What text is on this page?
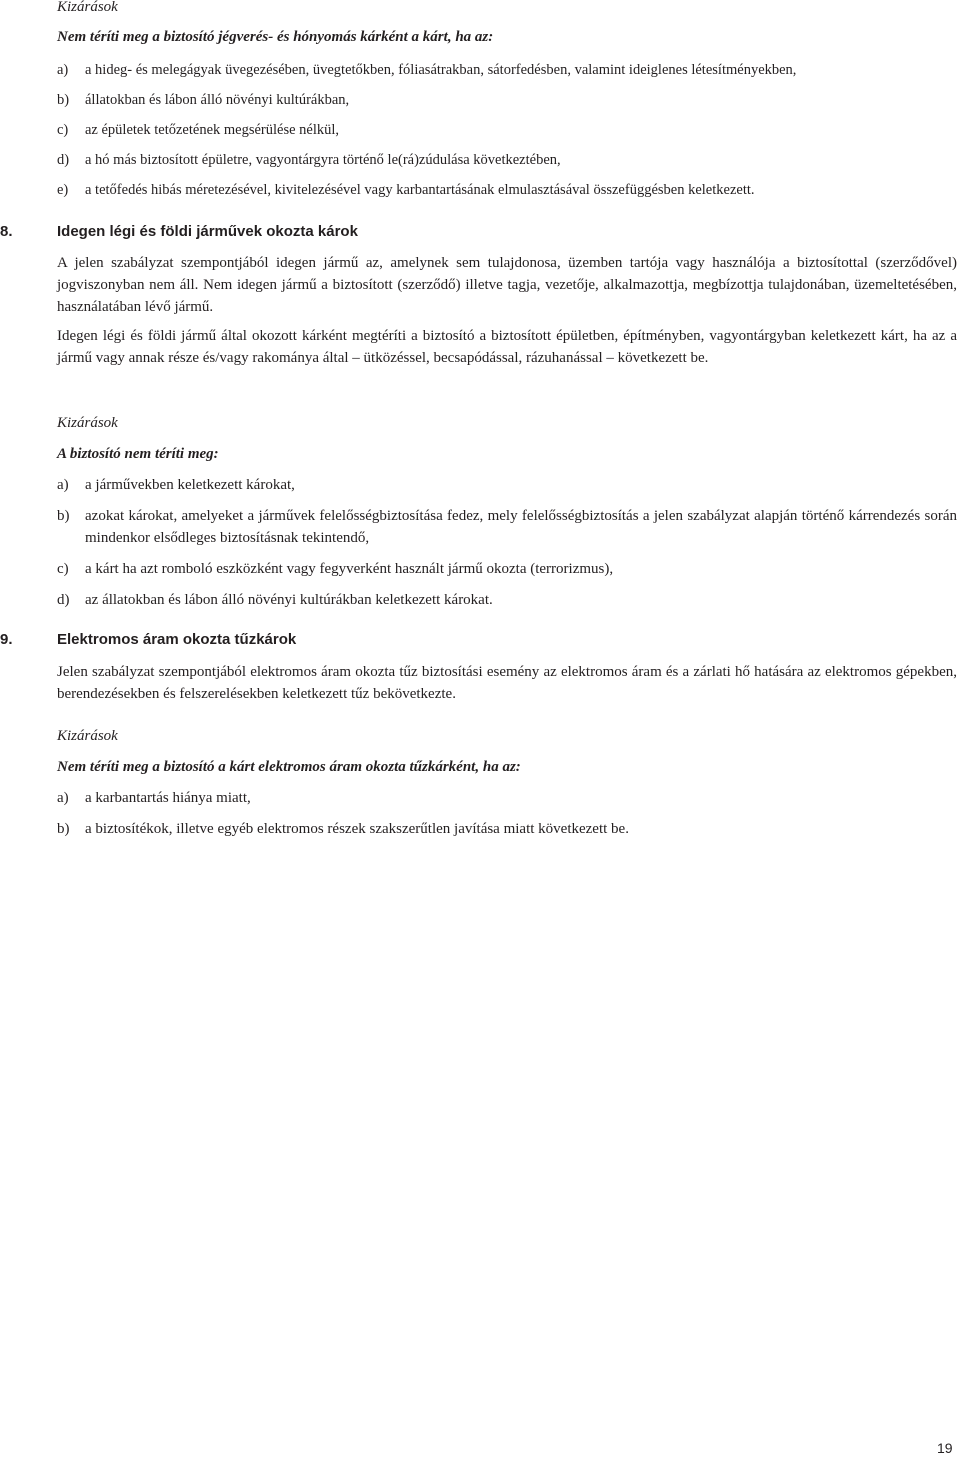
Kizárások
Nem téríti meg a biztosító jégverés- és hónyomás kárként a kárt, ha az:
a) a hideg- és melegágyak üvegezésében, üvegtetőkben, fóliasátrakban, sátorfedésben, valamint ideiglenes létesítményekben,
b) állatokban és lábon álló növényi kultúrákban,
c) az épületek tetőzetének megsérülése nélkül,
d) a hó más biztosított épületre, vagyontárgyra történő le(rá)zúdulása következtében,
e) a tetőfedés hibás méretezésével, kivitelezésével vagy karbantartásának elmulasztásával összefüggésben keletkezett.
8.	Idegen légi és földi járművek okozta károk

A jelen szabályzat szempontjából idegen jármű az, amelynek sem tulajdonosa, üzemben tartója vagy használója a biztosítottal (szerződővel) jogviszonyban nem áll. Nem idegen jármű a biztosított (szerződő) illetve tagja, vezetője, alkalmazottja, megbízottja tulajdonában, üzemeltetésében, használatában lévő jármű.

Idegen légi és földi jármű által okozott kárként megtéríti a biztosító a biztosított épületben, építményben, vagyontárgyban keletkezett kárt, ha az a jármű vagy annak része és/vagy rakománya által – ütközéssel, becsapódással, rázuhanással – következett be.

Kizárások
A biztosító nem téríti meg:
a) a járművekben keletkezett károkat,
b) azokat károkat, amelyeket a járművek felelősségbiztosítása fedez, mely felelősségbiztosítás a jelen szabályzat alapján történő kárrendezés során mindenkor elsődleges biztosításnak tekintendő,
c) a kárt ha azt romboló eszközként vagy fegyverként használt jármű okozta (terrorizmus),
d) az állatokban és lábon álló növényi kultúrákban keletkezett károkat.
9.	Elektromos áram okozta tűzkárok

Jelen szabályzat szempontjából elektromos áram okozta tűz biztosítási esemény az elektromos áram és a zárlati hő hatására az elektromos gépekben, berendezésekben és felszerelésekben keletkezett tűz bekövetkezte.

Kizárások
Nem téríti meg a biztosító a kárt elektromos áram okozta tűzkárként, ha az:
a) a karbantartás hiánya miatt,
b) a biztosítékok, illetve egyéb elektromos részek szakszerűtlen javítása miatt következett be.
19
